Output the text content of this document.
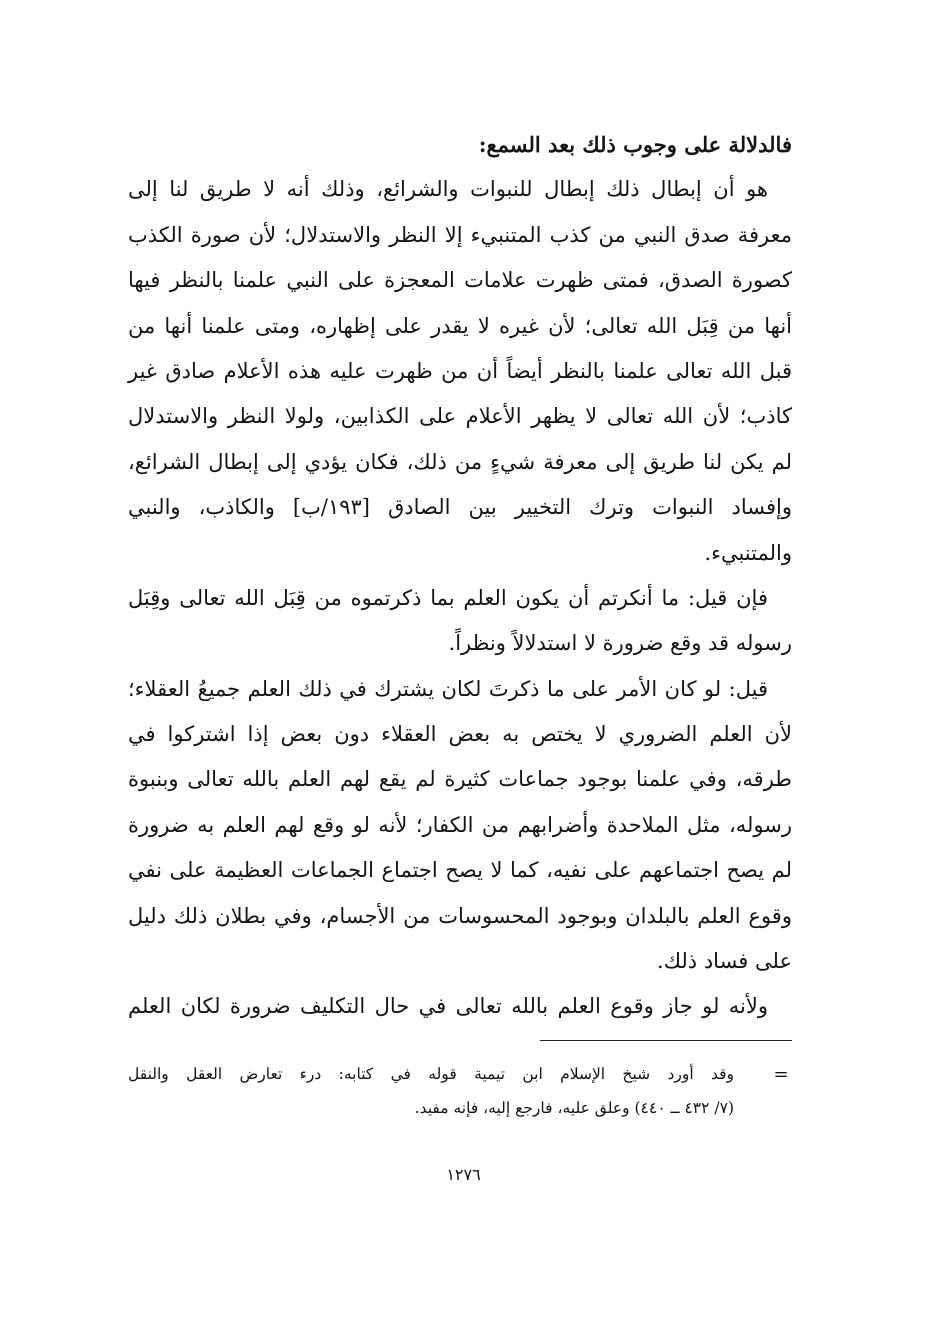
فالدلالة على وجوب ذلك بعد السمع:
هو أن إبطال ذلك إبطال للنبوات والشرائع، وذلك أنه لا طريق لنا إلى
معرفة صدق النبي من كذب المتنبيء إلا النظر والاستدلال؛ لأن صورة الكذب
كصورة الصدق، فمتى ظهرت علامات المعجزة على النبي علمنا بالنظر فيها
أنها من قِبَل الله تعالى؛ لأن غيره لا يقدر على إظهاره، ومتى علمنا أنها من
قبل الله تعالى علمنا بالنظر أيضاً أن من ظهرت عليه هذه الأعلام صادق غير
كاذب؛ لأن الله تعالى لا يظهر الأعلام على الكذابين، ولولا النظر والاستدلال
لم يكن لنا طريق إلى معرفة شيءٍ من ذلك، فكان يؤدي إلى إبطال الشرائع،
وإفساد النبوات وترك التخيير بين الصادق [١٩٣/ب] والكاذب، والنبي
والمتنبيء.
فإن قيل: ما أنكرتم أن يكون العلم بما ذكرتموه من قِبَل الله تعالى وقِبَل
رسوله قد وقع ضرورة لا استدلالاً ونظراً.
قيل: لو كان الأمر على ما ذكرتَ لكان يشترك في ذلك العلم جميعُ العقلاء؛
لأن العلم الضروري لا يختص به بعض العقلاء دون بعض إذا اشتركوا في
طرقه، وفي علمنا بوجود جماعات كثيرة لم يقع لهم العلم بالله تعالى وبنبوة
رسوله، مثل الملاحدة وأضرابهم من الكفار؛ لأنه لو وقع لهم العلم به ضرورة
لم يصح اجتماعهم على نفيه، كما لا يصح اجتماع الجماعات العظيمة على نفي
وقوع العلم بالبلدان وبوجود المحسوسات من الأجسام، وفي بطلان ذلك دليل
على فساد ذلك.
ولأنه لو جاز وقوع العلم بالله تعالى في حال التكليف ضرورة لكان العلم
=
وقد أورد شيخ الإسلام ابن تيمية قوله في كتابه: درء تعارض العقل والنقل
(٧/ ٤٣٢ ــ ٤٤٠) وعلق عليه، فارجع إليه، فإنه مفيد.
١٢٧٦
